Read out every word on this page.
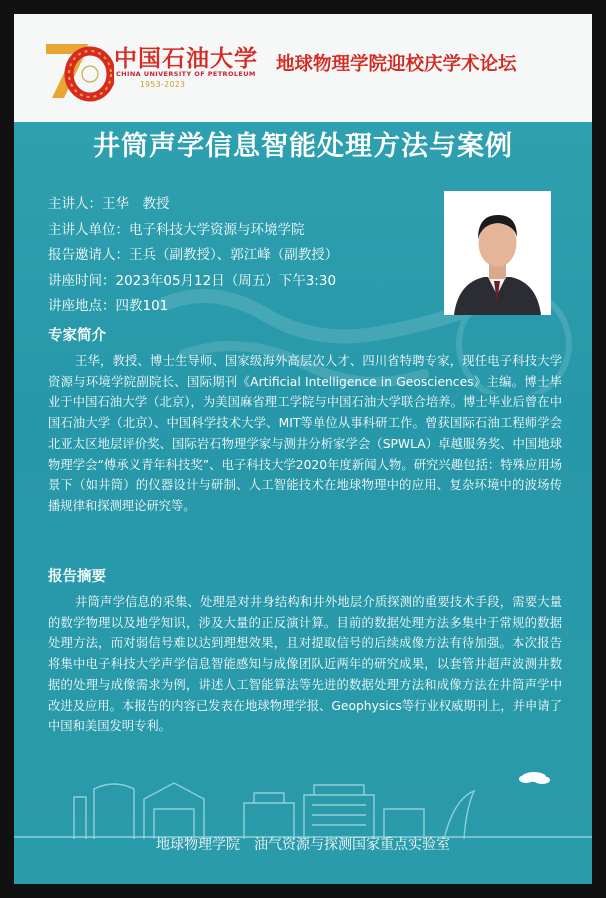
中国石油大学
CHINA UNIVERSITY OF PETROLEUM
1953-2023
地球物理学院迎校庆学术论坛
井筒声学信息智能处理方法与案例
主讲人：王华　教授
主讲人单位：电子科技大学资源与环境学院
报告邀请人：王兵（副教授）、郭江峰（副教授）
讲座时间：2023年05月12日（周五）下午3:30
讲座地点：四教101
专家简介
王华，教授、博士生导师、国家级海外高层次人才、四川省特聘专家，现任电子科技大学资源与环境学院副院长、国际期刊《Artificial Intelligence in Geosciences》主编。博士毕业于中国石油大学（北京），为美国麻省理工学院与中国石油大学联合培养。博士毕业后曾在中国石油大学（北京）、中国科学技术大学、MIT等单位从事科研工作。曾获国际石油工程师学会北亚太区地层评价奖、国际岩石物理学家与测井分析家学会（SPWLA）卓越服务奖、中国地球物理学会“傅承义青年科技奖”、电子科技大学2020年度新闻人物。研究兴趣包括：特殊应用场景下（如井筒）的仪器设计与研制、人工智能技术在地球物理中的应用、复杂环境中的波场传播规律和探测理论研究等。
报告摘要
井筒声学信息的采集、处理是对井身结构和井外地层介质探测的重要技术手段，需要大量的数学物理以及地学知识，涉及大量的正反演计算。目前的数据处理方法多集中于常规的数据处理方法，而对弱信号难以达到理想效果，且对提取信号的后续成像方法有待加强。本次报告将集中电子科技大学声学信息智能感知与成像团队近两年的研究成果，以套管井超声波测井数据的处理与成像需求为例，讲述人工智能算法等先进的数据处理方法和成像方法在井筒声学中改进及应用。本报告的内容已发表在地球物理学报、Geophysics等行业权威期刊上，并申请了中国和美国发明专利。
地球物理学院　油气资源与探测国家重点实验室
